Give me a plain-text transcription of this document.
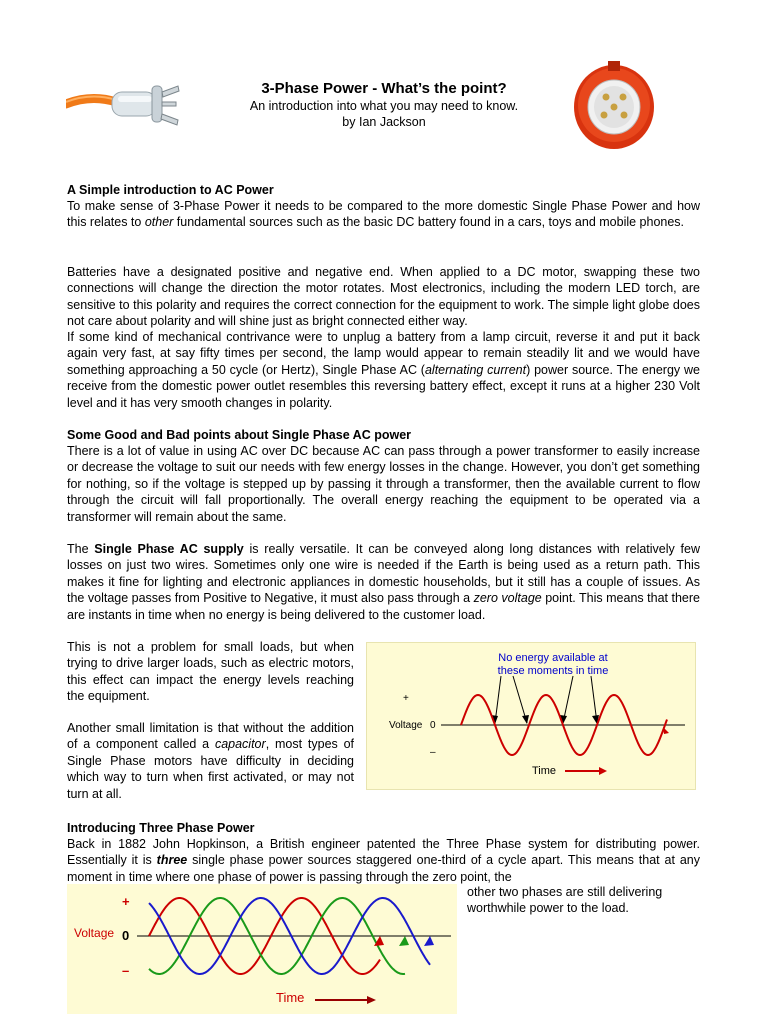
3-Phase Power - What’s the point?
An introduction into what you may need to know.
by Ian Jackson
A Simple introduction to AC Power
To make sense of 3-Phase Power it needs to be compared to the more domestic Single Phase Power and how this relates to other fundamental sources such as the basic DC battery found in a cars, toys and mobile phones.
Batteries have a designated positive and negative end. When applied to a DC motor, swapping these two connections will change the direction the motor rotates. Most electronics, including the modern LED torch, are sensitive to this polarity and requires the correct connection for the equipment to work. The simple light globe does not care about polarity and will shine just as bright connected either way.
If some kind of mechanical contrivance were to unplug a battery from a lamp circuit, reverse it and put it back again very fast, at say fifty times per second, the lamp would appear to remain steadily lit and we would have something approaching a 50 cycle (or Hertz), Single Phase AC (alternating current) power source. The energy we receive from the domestic power outlet resembles this reversing battery effect, except it runs at a higher 230 Volt level and it has very smooth changes in polarity.
Some Good and Bad points about Single Phase AC power
There is a lot of value in using AC over DC because AC can pass through a power transformer to easily increase or decrease the voltage to suit our needs with few energy losses in the change. However, you don’t get something for nothing, so if the voltage is stepped up by passing it through a transformer, then the available current to flow through the circuit will fall proportionally. The overall energy reaching the equipment to be operated via a transformer will remain about the same.
The Single Phase AC supply is really versatile. It can be conveyed along long distances with relatively few losses on just two wires. Sometimes only one wire is needed if the Earth is being used as a return path. This makes it fine for lighting and electronic appliances in domestic households, but it still has a couple of issues. As the voltage passes from Positive to Negative, it must also pass through a zero voltage point. This means that there are instants in time when no energy is being delivered to the customer load.
This is not a problem for small loads, but when trying to drive larger loads, such as electric motors, this effect can impact the energy levels reaching the equipment.
Another small limitation is that without the addition of a component called a capacitor, most types of Single Phase motors have difficulty in deciding which way to turn when first activated, or may not turn at all.
No energy available at
these moments in time
+
Voltage 0
–
Time
Introducing Three Phase Power
Back in 1882 John Hopkinson, a British engineer patented the Three Phase system for distributing power. Essentially it is three single phase power sources staggered one-third of a cycle apart. This means that at any moment in time where one phase of power is passing through the zero point, the
other two phases are still delivering worthwhile power to the load.
+
Voltage 0
–
Time
